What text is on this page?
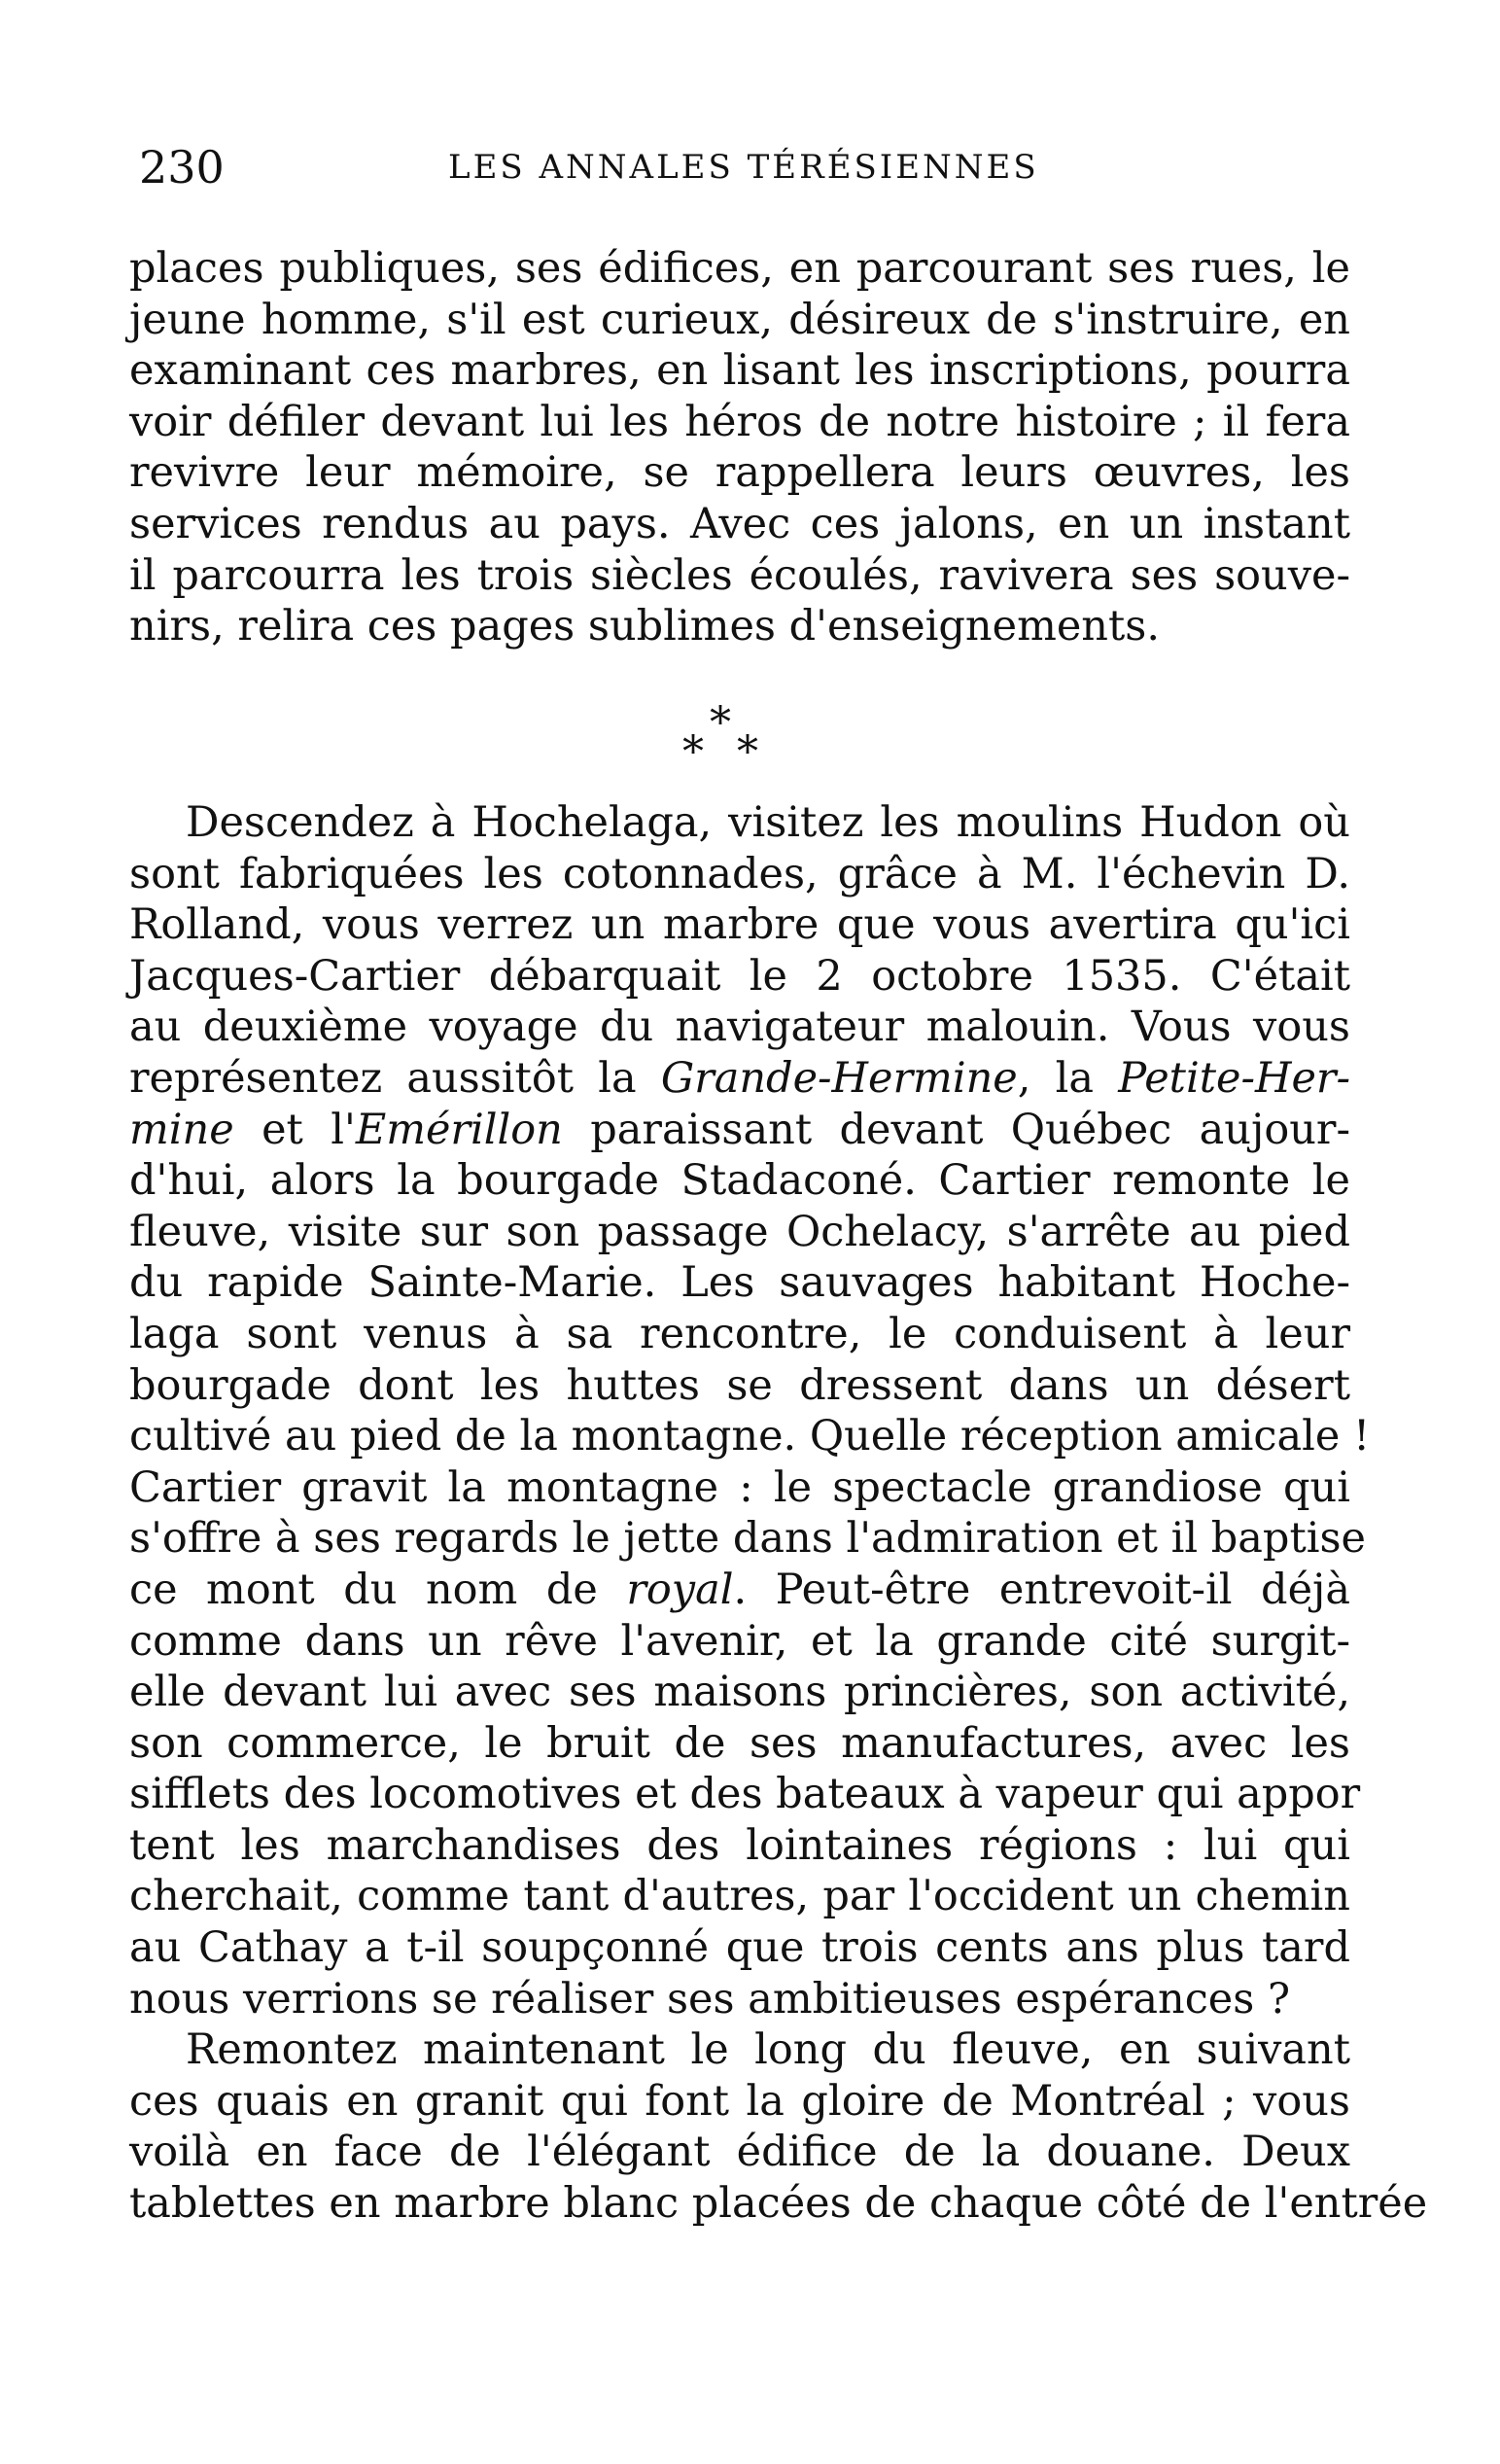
230	LES ANNALES TÉRÉSIENNES
places publiques, ses édifices, en parcourant ses rues, le
jeune homme, s'il est curieux, désireux de s'instruire, en
examinant ces marbres, en lisant les inscriptions, pourra
voir défiler devant lui les héros de notre histoire ; il fera
revivre leur mémoire, se rappellera leurs œuvres, les
services rendus au pays. Avec ces jalons, en un instant
il parcourra les trois siècles écoulés, ravivera ses souve-
nirs, relira ces pages sublimes d'enseignements.
*
* *
Descendez à Hochelaga, visitez les moulins Hudon où
sont fabriquées les cotonnades, grâce à M. l'échevin D.
Rolland, vous verrez un marbre que vous avertira qu'ici
Jacques-Cartier débarquait le 2 octobre 1535. C'était
au deuxième voyage du navigateur malouin. Vous vous
représentez aussitôt la Grande-Hermine, la Petite-Her-
mine et l'Emérillon paraissant devant Québec aujour-
d'hui, alors la bourgade Stadaconé. Cartier remonte le
fleuve, visite sur son passage Ochelacy, s'arrête au pied
du rapide Sainte-Marie. Les sauvages habitant Hoche-
laga sont venus à sa rencontre, le conduisent à leur
bourgade dont les huttes se dressent dans un désert
cultivé au pied de la montagne. Quelle réception amicale !
Cartier gravit la montagne : le spectacle grandiose qui
s'offre à ses regards le jette dans l'admiration et il baptise
ce mont du nom de royal. Peut-être entrevoit-il déjà
comme dans un rêve l'avenir, et la grande cité surgit-
elle devant lui avec ses maisons princières, son activité,
son commerce, le bruit de ses manufactures, avec les
sifflets des locomotives et des bateaux à vapeur qui appor
tent les marchandises des lointaines régions : lui qui
cherchait, comme tant d'autres, par l'occident un chemin
au Cathay a t-il soupçonné que trois cents ans plus tard
nous verrions se réaliser ses ambitieuses espérances ?
Remontez maintenant le long du fleuve, en suivant
ces quais en granit qui font la gloire de Montréal ; vous
voilà en face de l'élégant édifice de la douane. Deux
tablettes en marbre blanc placées de chaque côté de l'entrée
